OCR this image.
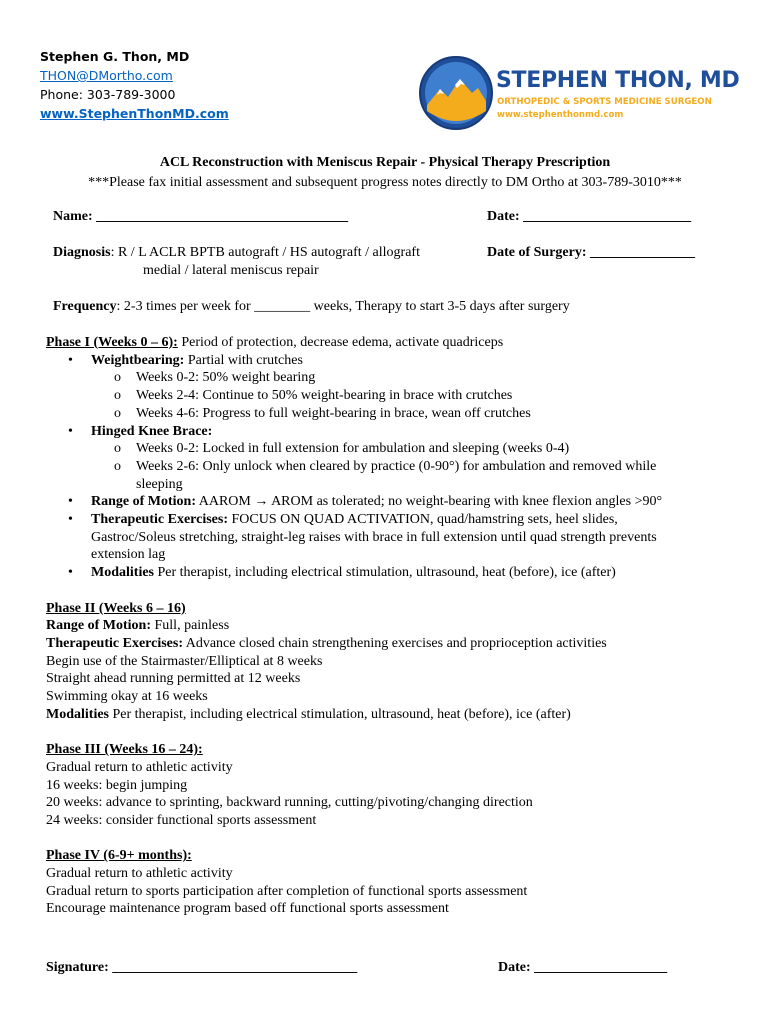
Stephen G. Thon, MD
THON@DMortho.com
Phone: 303-789-3000
www.StephenThonMD.com
STEPHEN THON, MD
ORTHOPEDIC & SPORTS MEDICINE SURGEON
www.stephenthonmd.com
ACL Reconstruction with Meniscus Repair - Physical Therapy Prescription
***Please fax initial assessment and subsequent progress notes directly to DM Ortho at 303-789-3010***
Name: ____________________________________	Date: ________________________
Diagnosis: R / L ACLR BPTB autograft / HS autograft / allograft
medial / lateral meniscus repair
Date of Surgery: _______________
Frequency: 2-3 times per week for ________ weeks, Therapy to start 3-5 days after surgery

Phase I (Weeks 0 – 6): Period of protection, decrease edema, activate quadriceps

• Weightbearing: Partial with crutches

o Weeks 0-2: 50% weight bearing

o Weeks 2-4: Continue to 50% weight-bearing in brace with crutches

o Weeks 4-6: Progress to full weight-bearing in brace, wean off crutches

• Hinged Knee Brace:

o Weeks 0-2: Locked in full extension for ambulation and sleeping (weeks 0-4)

o Weeks 2-6: Only unlock when cleared by practice (0-90°) for ambulation and removed while

sleeping

• Range of Motion: AAROM → AROM as tolerated; no weight-bearing with knee flexion angles >90°

• Therapeutic Exercises: FOCUS ON QUAD ACTIVATION, quad/hamstring sets, heel slides,

Gastroc/Soleus stretching, straight-leg raises with brace in full extension until quad strength prevents

extension lag

• Modalities Per therapist, including electrical stimulation, ultrasound, heat (before), ice (after)

Phase II (Weeks 6 – 16)

Range of Motion: Full, painless

Therapeutic Exercises: Advance closed chain strengthening exercises and proprioception activities

Begin use of the Stairmaster/Elliptical at 8 weeks

Straight ahead running permitted at 12 weeks

Swimming okay at 16 weeks

Modalities Per therapist, including electrical stimulation, ultrasound, heat (before), ice (after)

Phase III (Weeks 16 – 24):

Gradual return to athletic activity

16 weeks: begin jumping

20 weeks: advance to sprinting, backward running, cutting/pivoting/changing direction

24 weeks: consider functional sports assessment

Phase IV (6-9+ months):

Gradual return to athletic activity

Gradual return to sports participation after completion of functional sports assessment

Encourage maintenance program based off functional sports assessment

Signature: ___________________________________	Date: ___________________
